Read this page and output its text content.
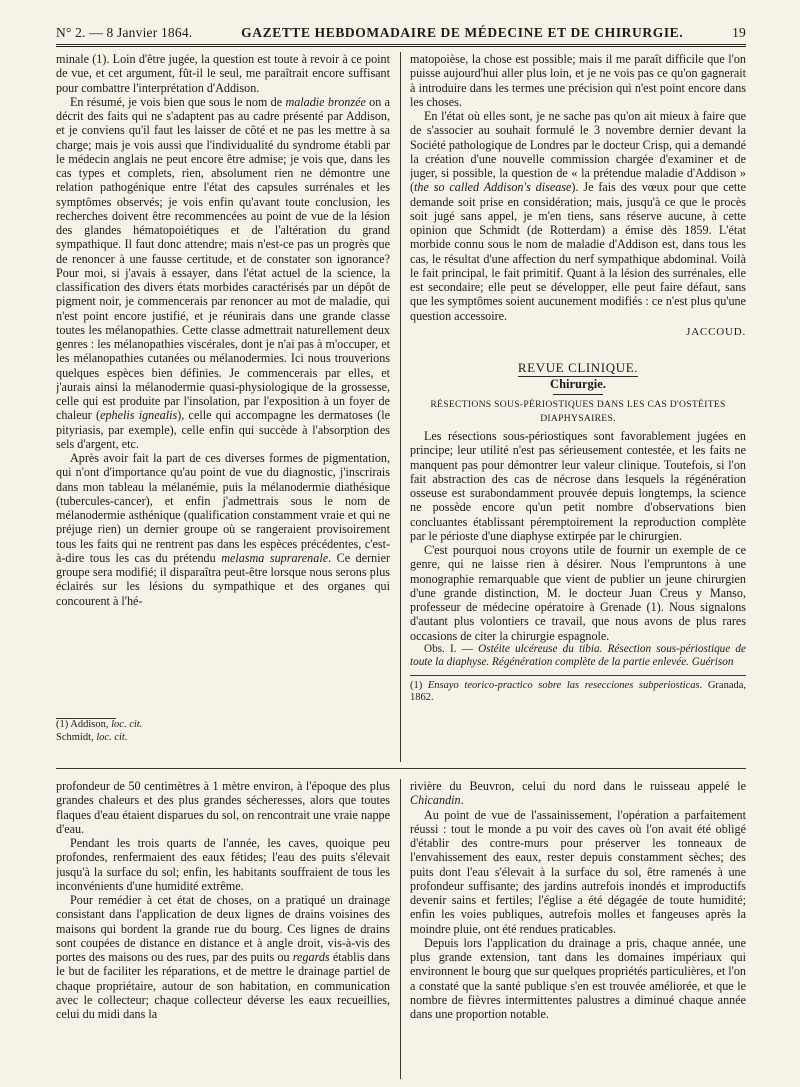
N° 2. — 8 Janvier 1864.	GAZETTE HEBDOMADAIRE DE MÉDECINE ET DE CHIRURGIE.	19

minale (1). Loin d'être jugée, la question est toute à revoir à ce point de vue, et cet argument, fût-il le seul, me paraîtrait encore suffisant pour combattre l'interprétation d'Addison.

En résumé, je vois bien que sous le nom de maladie bronzée on a décrit des faits qui ne s'adaptent pas au cadre présenté par Addison, et je conviens qu'il faut les laisser de côté et ne pas les mettre à sa charge; mais je vois aussi que l'individualité du syndrome établi par le médecin anglais ne peut encore être admise; je vois que, dans les cas types et complets, rien, absolument rien ne démontre une relation pathogénique entre l'état des capsules surrénales et les symptômes observés; je vois enfin qu'avant toute conclusion, les recherches doivent être recommencées au point de vue de la lésion des glandes hématopoiétiques et de l'altération du grand sympathique. Il faut donc attendre; mais n'est-ce pas un progrès que de renoncer à une fausse certitude, et de constater son ignorance? Pour moi, si j'avais à essayer, dans l'état actuel de la science, la classification des divers états morbides caractérisés par un dépôt de pigment noir, je commencerais par renoncer au mot de maladie, qui n'est point encore justifié, et je réunirais dans une grande classe toutes les mélanopathies. Cette classe admettrait naturellement deux genres : les mélanopathies viscérales, dont je n'ai pas à m'occuper, et les mélanopathies cutanées ou mélanodermies. Ici nous trouverions quelques espèces bien définies. Je commencerais par elles, et j'aurais ainsi la mélanodermie quasi-physiologique de la grossesse, celle qui est produite par l'insolation, par l'exposition à un foyer de chaleur (ephelis ignealis), celle qui accompagne les dermatoses (le pityriasis, par exemple), celle enfin qui succède à l'absorption des sels d'argent, etc.

Après avoir fait la part de ces diverses formes de pigmentation, qui n'ont d'importance qu'au point de vue du diagnostic, j'inscrirais dans mon tableau la mélanémie, puis la mélanodermie diathésique (tubercules-cancer), et enfin j'admettrais sous le nom de mélanodermie asthénique (qualification constamment vraie et qui ne préjuge rien) un dernier groupe où se rangeraient provisoirement tous les faits qui ne rentrent pas dans les espèces précédentes, c'est-à-dire tous les cas du prétendu melasma suprarenale. Ce dernier groupe sera modifié; il disparaîtra peut-être lorsque nous serons plus éclairés sur les lésions du sympathique et des organes qui concourent à l'hé-

(1) Addison, loc. cit.
Schmidt, loc. cit.

matopoièse, la chose est possible; mais il me paraît difficile que l'on puisse aujourd'hui aller plus loin, et je ne vois pas ce qu'on gagnerait à introduire dans les termes une précision qui n'est point encore dans les choses.

En l'état où elles sont, je ne sache pas qu'on ait mieux à faire que de s'associer au souhait formulé le 3 novembre dernier devant la Société pathologique de Londres par le docteur Crisp, qui a demandé la création d'une nouvelle commission chargée d'examiner et de juger, si possible, la question de « la prétendue maladie d'Addison » (the so called Addison's disease). Je fais des vœux pour que cette demande soit prise en considération; mais, jusqu'à ce que le procès soit jugé sans appel, je m'en tiens, sans réserve aucune, à cette opinion que Schmidt (de Rotterdam) a émise dès 1859. L'état morbide connu sous le nom de maladie d'Addison est, dans tous les cas, le résultat d'une affection du nerf sympathique abdominal. Voilà le fait principal, le fait primitif. Quant à la lésion des surrénales, elle est secondaire; elle peut se développer, elle peut faire défaut, sans que les symptômes soient aucunement modifiés : ce n'est plus qu'une question accessoire.

JACCOUD.
REVUE CLINIQUE.
Chirurgie.
RÉSECTIONS SOUS-PÉRIOSTIQUES DANS LES CAS D'OSTÉITES DIAPHYSAIRES.

Les résections sous-périostiques sont favorablement jugées en principe; leur utilité n'est pas sérieusement contestée, et les faits ne manquent pas pour démontrer leur valeur clinique. Toutefois, si l'on fait abstraction des cas de nécrose dans lesquels la régénération osseuse est surabondamment prouvée depuis longtemps, la science ne possède encore qu'un petit nombre d'observations bien concluantes établissant péremptoirement la reproduction complète par le périoste d'une diaphyse extirpée par le chirurgien.

C'est pourquoi nous croyons utile de fournir un exemple de ce genre, qui ne laisse rien à désirer. Nous l'empruntons à une monographie remarquable que vient de publier un jeune chirurgien d'une grande distinction, M. le docteur Juan Creus y Manso, professeur de médecine opératoire à Grenade (1). Nous signalons d'autant plus volontiers ce travail, que nous avons de plus rares occasions de citer la chirurgie espagnole.

Obs. I. — Ostéite ulcéreuse du tibia. Résection sous-périostique de toute la diaphyse. Régénération complète de la partie enlevée. Guérison

(1) Ensayo teorico-practico sobre las resecciones subperiosticas. Granada, 1862.

profondeur de 50 centimètres à 1 mètre environ, à l'époque des plus grandes chaleurs et des plus grandes sécheresses, alors que toutes flaques d'eau étaient disparues du sol, on rencontrait une vraie nappe d'eau.

Pendant les trois quarts de l'année, les caves, quoique peu profondes, renfermaient des eaux fétides; l'eau des puits s'élevait jusqu'à la surface du sol; enfin, les habitants souffraient de tous les inconvénients d'une humidité extrême.

Pour remédier à cet état de choses, on a pratiqué un drainage consistant dans l'application de deux lignes de drains voisines des maisons qui bordent la grande rue du bourg. Ces lignes de drains sont coupées de distance en distance et à angle droit, vis-à-vis des portes des maisons ou des rues, par des puits ou regards établis dans le but de faciliter les réparations, et de mettre le drainage partiel de chaque propriétaire, autour de son habitation, en communication avec le collecteur; chaque collecteur déverse les eaux recueillies, celui du midi dans la

rivière du Beuvron, celui du nord dans le ruisseau appelé le Chicandin.

Au point de vue de l'assainissement, l'opération a parfaitement réussi : tout le monde a pu voir des caves où l'on avait été obligé d'établir des contre-murs pour préserver les tonneaux de l'envahissement des eaux, rester depuis constamment sèches; des puits dont l'eau s'élevait à la surface du sol, être ramenés à une profondeur suffisante; des jardins autrefois inondés et improductifs devenir sains et fertiles; l'église a été dégagée de toute humidité; enfin les voies publiques, autrefois molles et fangeuses après la moindre pluie, ont été rendues praticables.

Depuis lors l'application du drainage a pris, chaque année, une plus grande extension, tant dans les domaines impériaux qui environnent le bourg que sur quelques propriétés particulières, et l'on a constaté que la santé publique s'en est trouvée améliorée, et que le nombre de fièvres intermittentes palustres a diminué chaque année dans une proportion notable.
